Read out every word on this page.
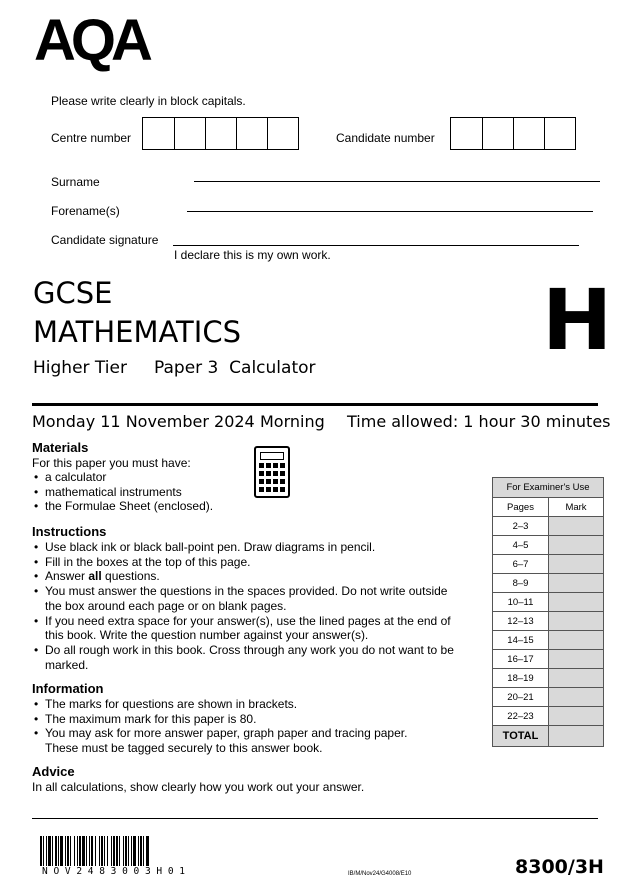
AQA
Please write clearly in block capitals.
Centre number	Candidate number
Surname
Forename(s)
Candidate signature
I declare this is my own work.
GCSE
MATHEMATICS
Higher Tier Paper 3  Calculator	H
Monday 11 November 2024 Morning Time allowed: 1 hour 30 minutes
Materials
For this paper you must have:
• a calculator
• mathematical instruments
• the Formulae Sheet (enclosed).
Instructions
• Use black ink or black ball-point pen. Draw diagrams in pencil.
• Fill in the boxes at the top of this page.
• Answer all questions.
• You must answer the questions in the spaces provided. Do not write outside the box around each page or on blank pages.
• If you need extra space for your answer(s), use the lined pages at the end of this book. Write the question number against your answer(s).
• Do all rough work in this book. Cross through any work you do not want to be marked.
Information
• The marks for questions are shown in brackets.
• The maximum mark for this paper is 80.
• You may ask for more answer paper, graph paper and tracing paper. These must be tagged securely to this answer book.
Advice
In all calculations, show clearly how you work out your answer.
For Examiner's Use	
Pages	Mark
2–3	
4–5	
6–7	
8–9	
10–11	
12–13	
14–15	
16–17	
18–19	
20–21	
22–23	
TOTAL	
N O V 2 4 8 3 0 0 3 H 0 1	IB/M/Nov24/G4008/E10	8300/3H
